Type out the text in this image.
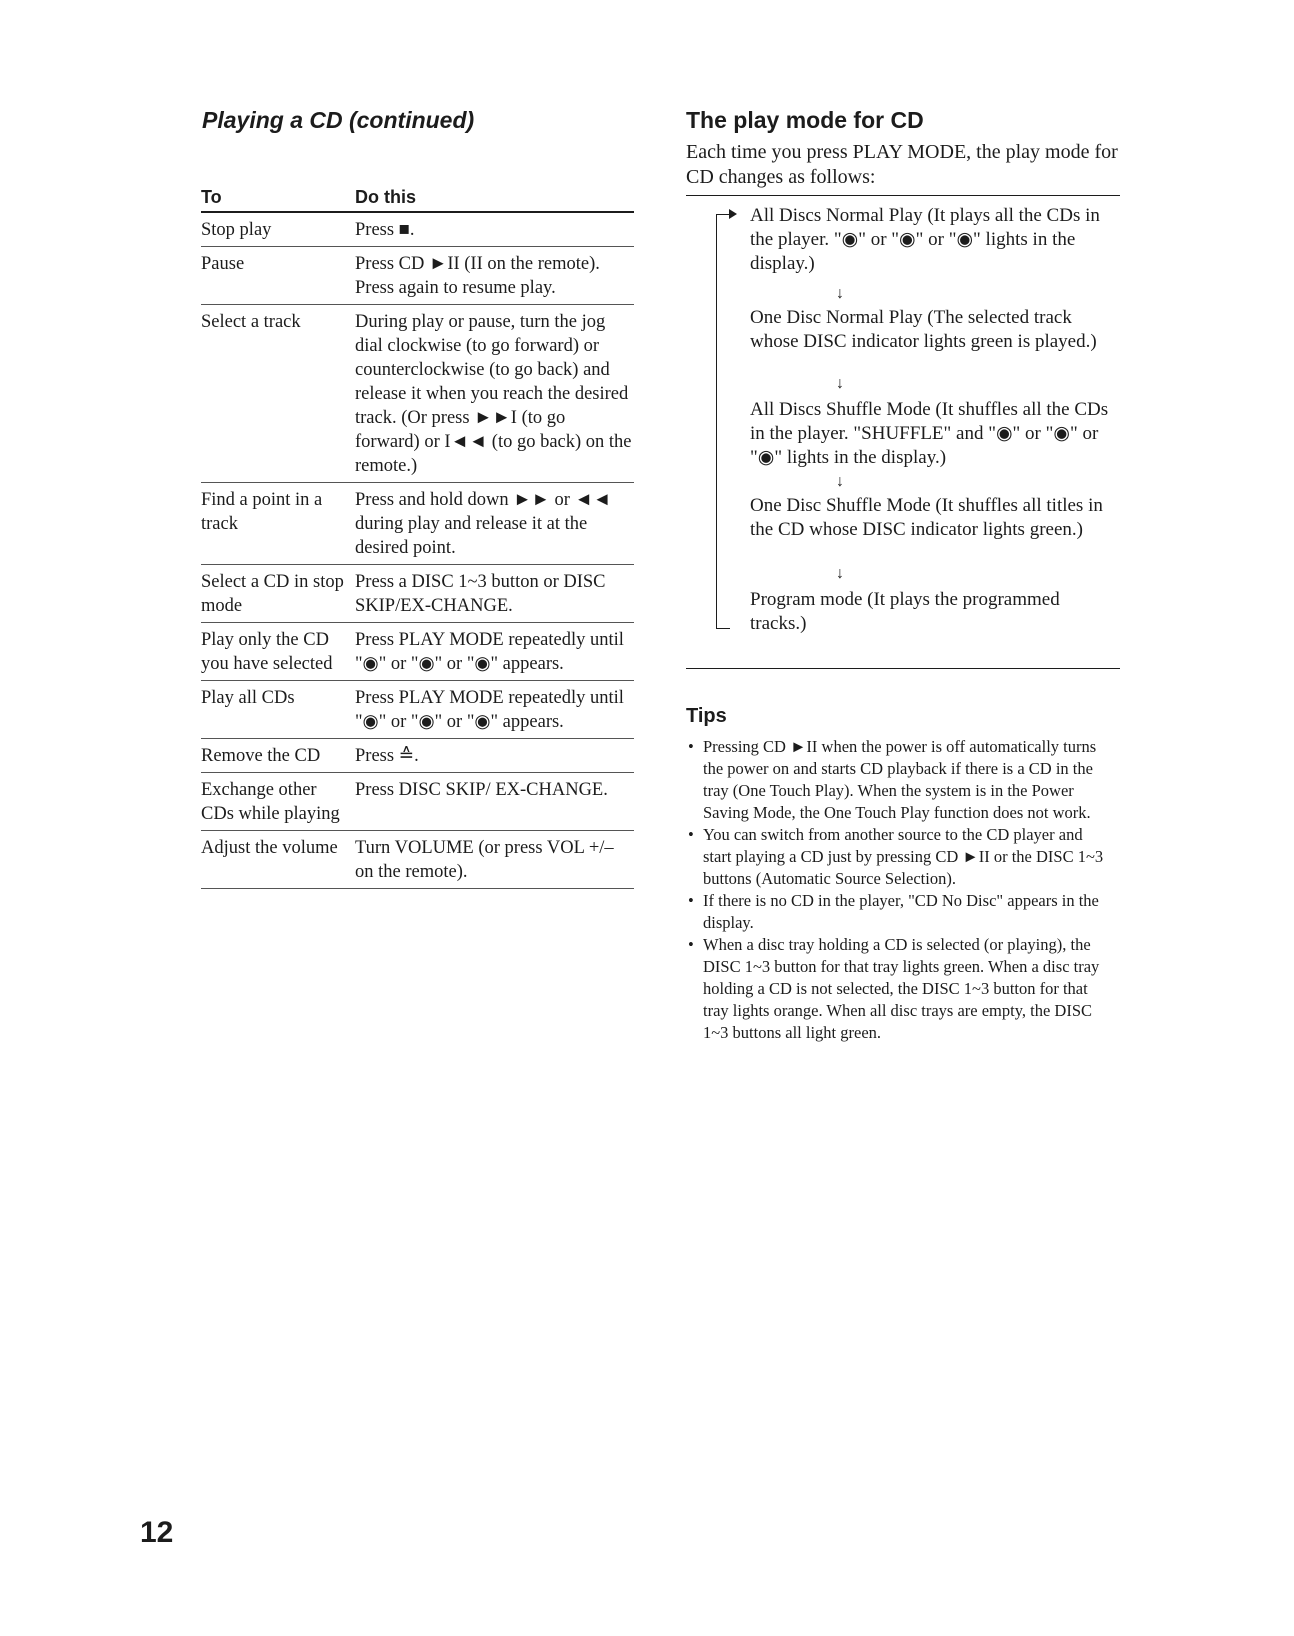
Playing a CD (continued)
To	Do this
Stop play	Press ■.
Pause	Press CD ►II (II on the remote). Press again to resume play.
Select a track	During play or pause, turn the jog dial clockwise (to go forward) or counterclockwise (to go back) and release it when you reach the desired track. (Or press ►►I (to go forward) or I◄◄ (to go back) on the remote.)
Find a point in a track	Press and hold down ►► or ◄◄ during play and release it at the desired point.
Select a CD in stop mode	Press a DISC 1~3 button or DISC SKIP/EX-CHANGE.
Play only the CD you have selected	Press PLAY MODE repeatedly until "◉" or "◉" or "◉" appears.
Play all CDs	Press PLAY MODE repeatedly until "◉" or "◉" or "◉" appears.
Remove the CD	Press ≙.
Exchange other CDs while playing	Press DISC SKIP/ EX-CHANGE.
Adjust the volume	Turn VOLUME (or press VOL +/– on the remote).
The play mode for CD
Each time you press PLAY MODE, the play mode for CD changes as follows:
All Discs Normal Play (It plays all the CDs in the player. "◉" or "◉" or "◉" lights in the display.)
↓
One Disc Normal Play (The selected track whose DISC indicator lights green is played.)
↓
All Discs Shuffle Mode (It shuffles all the CDs in the player. "SHUFFLE" and "◉" or "◉" or "◉" lights in the display.)
↓
One Disc Shuffle Mode (It shuffles all titles in the CD whose DISC indicator lights green.)
↓
Program mode (It plays the programmed tracks.)
Tips
• Pressing CD ►II when the power is off automatically turns the power on and starts CD playback if there is a CD in the tray (One Touch Play). When the system is in the Power Saving Mode, the One Touch Play function does not work.
• You can switch from another source to the CD player and start playing a CD just by pressing CD ►II or the DISC 1~3 buttons (Automatic Source Selection).
• If there is no CD in the player, "CD No Disc" appears in the display.
• When a disc tray holding a CD is selected (or playing), the DISC 1~3 button for that tray lights green. When a disc tray holding a CD is not selected, the DISC 1~3 button for that tray lights orange. When all disc trays are empty, the DISC 1~3 buttons all light green.
12
